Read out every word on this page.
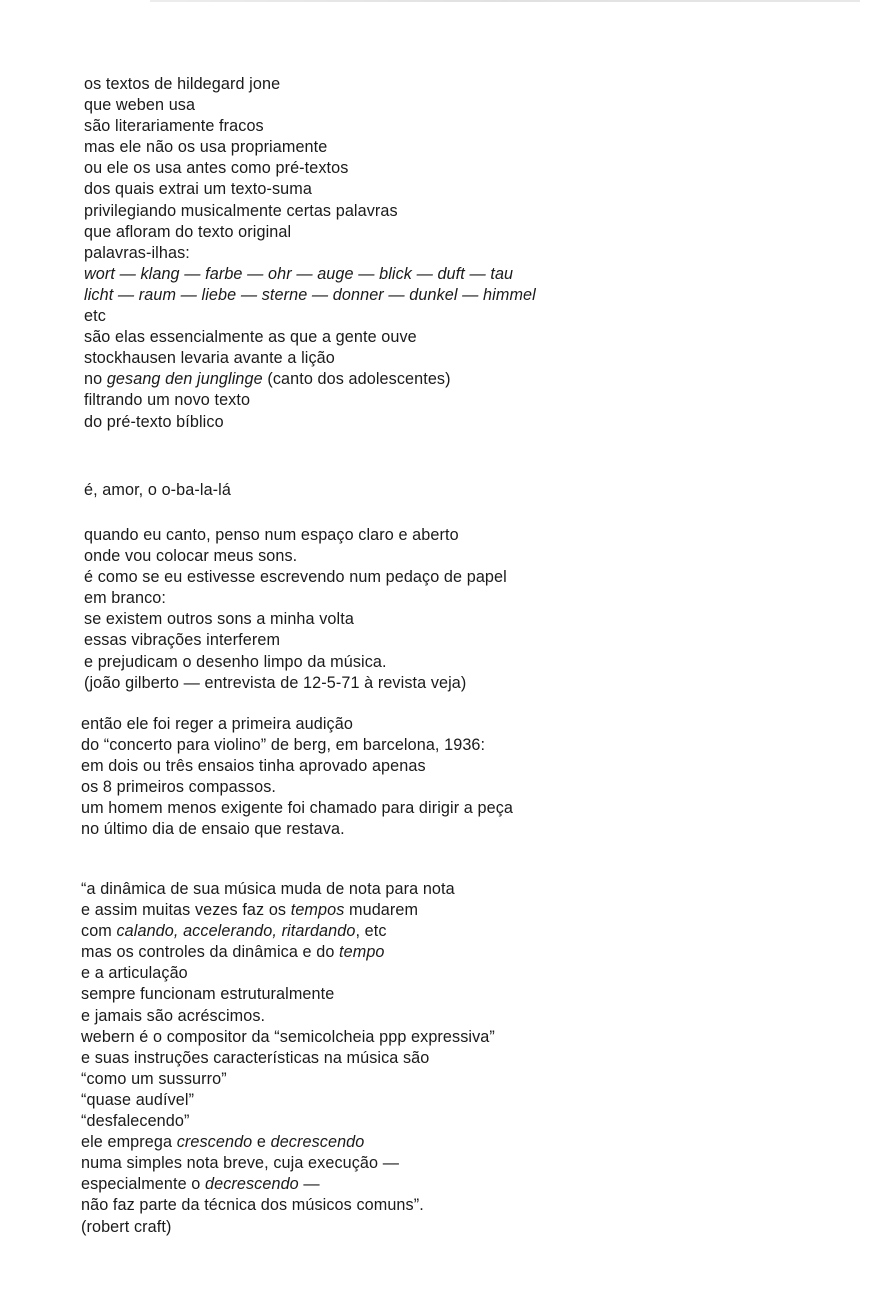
os textos de hildegard jone
que weben usa
são literariamente fracos
mas ele não os usa propriamente
ou ele os usa antes como pré-textos
dos quais extrai um texto-suma
privilegiando musicalmente certas palavras
que afloram do texto original
palavras-ilhas:
wort — klang — farbe — ohr — auge — blick — duft — tau
licht — raum — liebe — sterne — donner — dunkel — himmel
etc
são elas essencialmente as que a gente ouve
stockhausen levaria avante a lição
no gesang den junglinge (canto dos adolescentes)
filtrando um novo texto
do pré-texto bíblico
é, amor, o o-ba-la-lá
quando eu canto, penso num espaço claro e aberto
onde vou colocar meus sons.
é como se eu estivesse escrevendo num pedaço de papel
em branco:
se existem outros sons a minha volta
essas vibrações interferem
e prejudicam o desenho limpo da música.
(joão gilberto — entrevista de 12-5-71 à revista veja)
então ele foi reger a primeira audição
do “concerto para violino” de berg, em barcelona, 1936:
em dois ou três ensaios tinha aprovado apenas
os 8 primeiros compassos.
um homem menos exigente foi chamado para dirigir a peça
no último dia de ensaio que restava.
“a dinâmica de sua música muda de nota para nota
e assim muitas vezes faz os tempos mudarem
com calando, accelerando, ritardando, etc
mas os controles da dinâmica e do tempo
e a articulação
sempre funcionam estruturalmente
e jamais são acréscimos.
webern é o compositor da “semicolcheia ppp expressiva”
e suas instruções características na música são
“como um sussurro”
“quase audível”
“desfalecendo”
ele emprega crescendo e decrescendo
numa simples nota breve, cuja execução —
especialmente o decrescendo —
não faz parte da técnica dos músicos comuns”.
(robert craft)
